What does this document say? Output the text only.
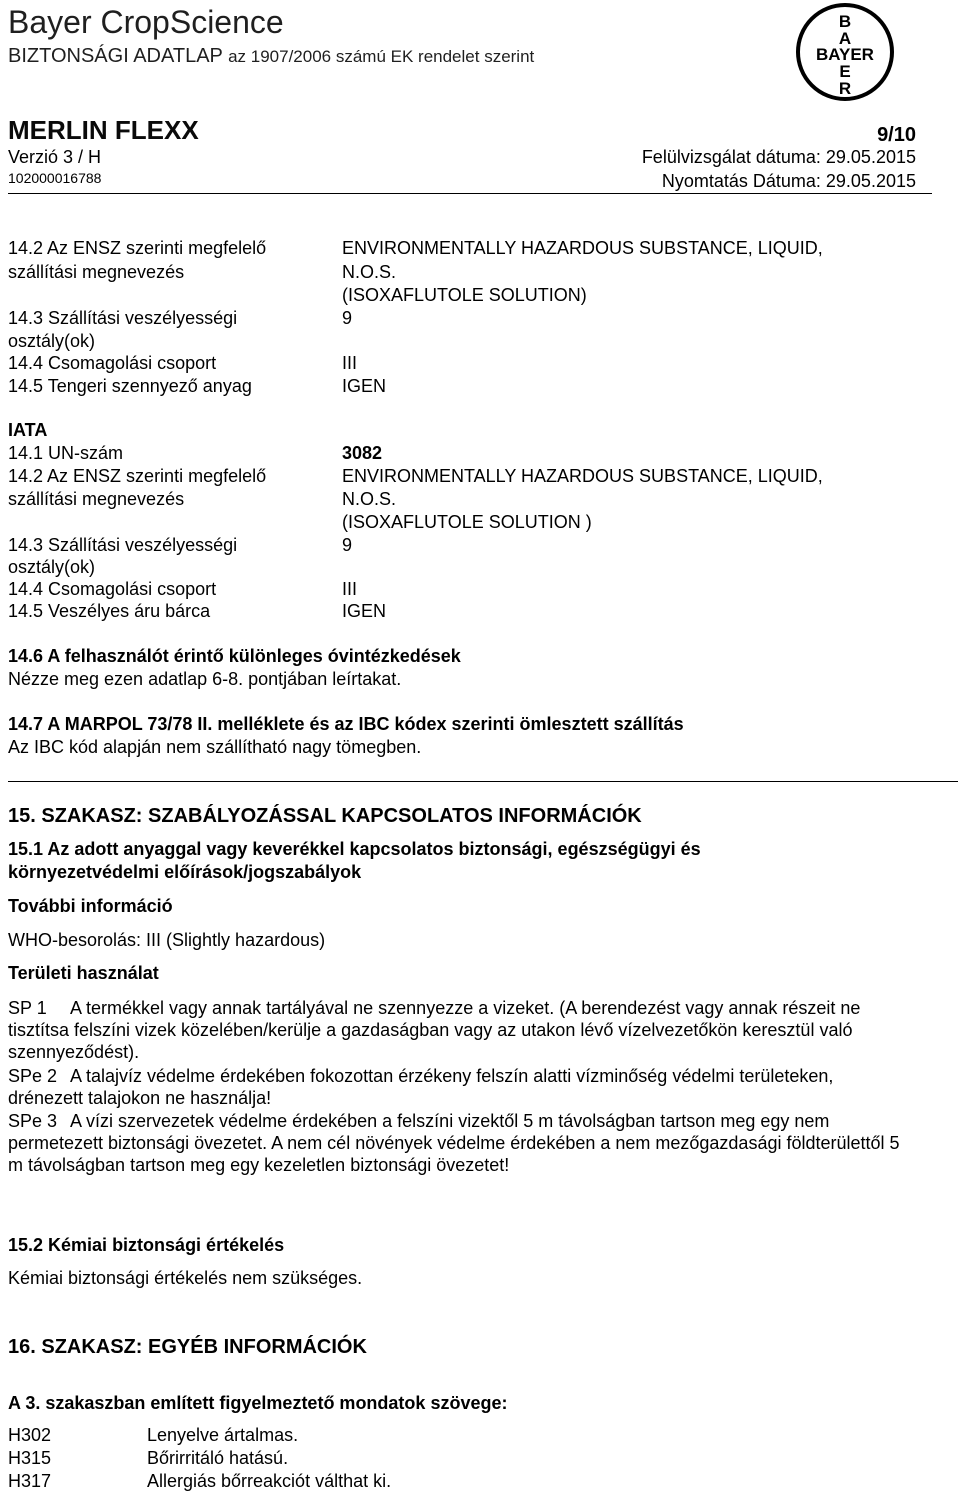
Bayer CropScience
BIZTONSÁGI ADATLAP az 1907/2006 számú EK rendelet szerint
B
A
BAYER
E
R
MERLIN FLEXX	9/10
Verzió 3 / H
102000016788
Felülvizsgálat dátuma: 29.05.2015
Nyomtatás Dátuma: 29.05.2015
14.2 Az ENSZ szerinti megfelelő	ENVIRONMENTALLY HAZARDOUS SUBSTANCE, LIQUID,
szállítási megnevezés	N.O.S.
(ISOXAFLUTOLE SOLUTION)
14.3 Szállítási veszélyességi	9
osztály(ok)
14.4 Csomagolási csoport	III
14.5 Tengeri szennyező anyag	IGEN
IATA
14.1 UN-szám	3082
14.2 Az ENSZ szerinti megfelelő	ENVIRONMENTALLY HAZARDOUS SUBSTANCE, LIQUID,
szállítási megnevezés	N.O.S.
(ISOXAFLUTOLE SOLUTION )
14.3 Szállítási veszélyességi	9
osztály(ok)
14.4 Csomagolási csoport	III
14.5 Veszélyes áru bárca	IGEN
14.6 A felhasználót érintő különleges óvintézkedések
Nézze meg ezen adatlap 6-8. pontjában leírtakat.
14.7 A MARPOL 73/78 II. melléklete és az IBC kódex szerinti ömlesztett szállítás
Az IBC kód alapján nem szállítható nagy tömegben.
15. SZAKASZ: SZABÁLYOZÁSSAL KAPCSOLATOS INFORMÁCIÓK
15.1 Az adott anyaggal vagy keverékkel kapcsolatos biztonsági, egészségügyi és
környezetvédelmi előírások/jogszabályok
További információ
WHO-besorolás: III (Slightly hazardous)
Területi használat
SP 1 A termékkel vagy annak tartályával ne szennyezze a vizeket. (A berendezést vagy annak részeit ne tisztítsa felszíni vizek közelében/kerülje a gazdaságban vagy az utakon lévő vízelvezetőkön keresztül való szennyeződést).
SPe 2 A talajvíz védelme érdekében fokozottan érzékeny felszín alatti vízminőség védelmi területeken, drénezett talajokon ne használja!
SPe 3 A vízi szervezetek védelme érdekében a felszíni vizektől 5 m távolságban tartson meg egy nem permetezett biztonsági övezetet. A nem cél növények védelme érdekében a nem mezőgazdasági földterülettől 5 m távolságban tartson meg egy kezeletlen biztonsági övezetet!
15.2 Kémiai biztonsági értékelés
Kémiai biztonsági értékelés nem szükséges.
16. SZAKASZ: EGYÉB INFORMÁCIÓK
A 3. szakaszban említett figyelmeztető mondatok szövege:
H302	Lenyelve ártalmas.
H315	Bőrirritáló hatású.
H317	Allergiás bőrreakciót válthat ki.
